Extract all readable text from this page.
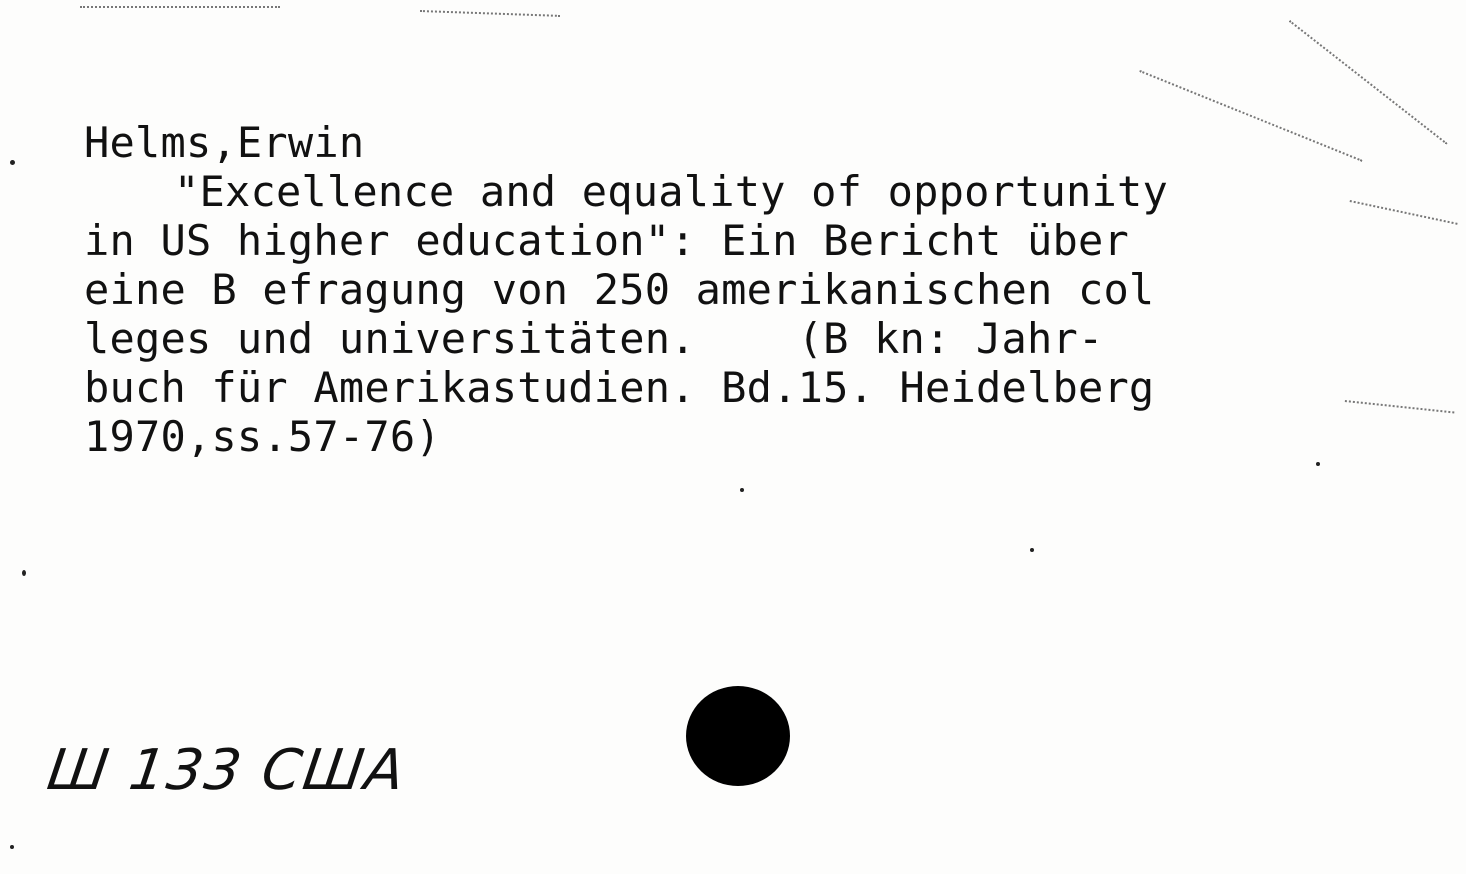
Helms,Erwin
"Excellence and equality of opportunity
in US higher education": Ein Bericht über
eine B efragung von 250 amerikanischen col
leges und universitäten.    (B kn: Jahr-
buch für Amerikastudien. Bd.15. Heidelberg
1970,ss.57-76)
Ш 133 США
